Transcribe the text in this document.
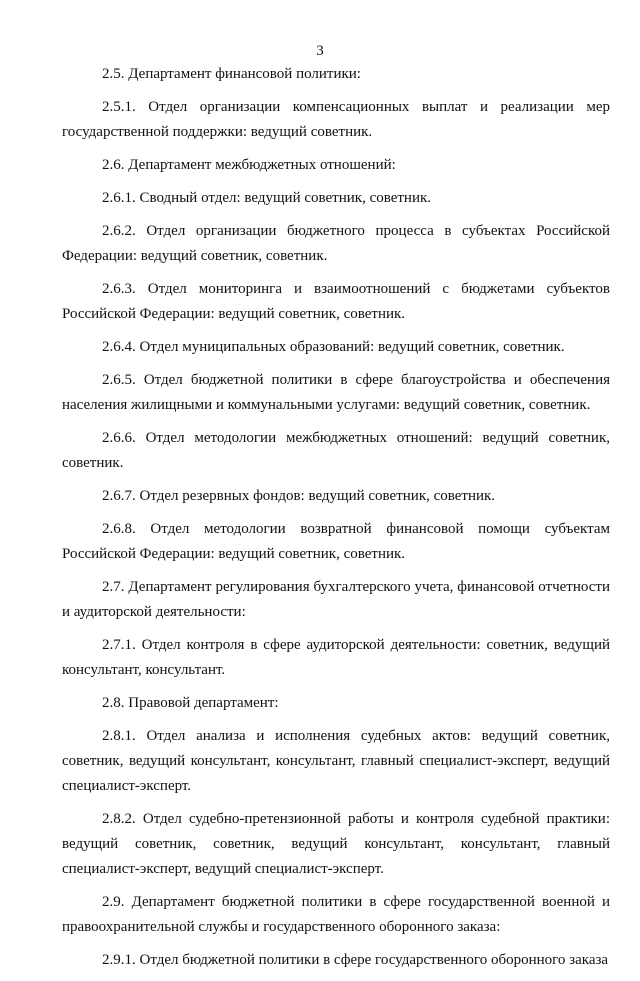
3

2.5. Департамент финансовой политики:

2.5.1. Отдел организации компенсационных выплат и реализации мер государственной поддержки: ведущий советник.

2.6. Департамент межбюджетных отношений:

2.6.1. Сводный отдел: ведущий советник, советник.

2.6.2. Отдел организации бюджетного процесса в субъектах Российской Федерации: ведущий советник, советник.

2.6.3. Отдел мониторинга и взаимоотношений с бюджетами субъектов Российской Федерации: ведущий советник, советник.

2.6.4. Отдел муниципальных образований: ведущий советник, советник.

2.6.5. Отдел бюджетной политики в сфере благоустройства и обеспечения населения жилищными и коммунальными услугами: ведущий советник, советник.

2.6.6. Отдел методологии межбюджетных отношений: ведущий советник, советник.

2.6.7. Отдел резервных фондов: ведущий советник, советник.

2.6.8. Отдел методологии возвратной финансовой помощи субъектам Российской Федерации: ведущий советник, советник.

2.7. Департамент регулирования бухгалтерского учета, финансовой отчетности и аудиторской деятельности:

2.7.1. Отдел контроля в сфере аудиторской деятельности: советник, ведущий консультант, консультант.

2.8. Правовой департамент:

2.8.1. Отдел анализа и исполнения судебных актов: ведущий советник, советник, ведущий консультант, консультант, главный специалист-эксперт, ведущий специалист-эксперт.

2.8.2. Отдел судебно-претензионной работы и контроля судебной практики: ведущий советник, советник, ведущий консультант, консультант, главный специалист-эксперт, ведущий специалист-эксперт.

2.9. Департамент бюджетной политики в сфере государственной военной и правоохранительной службы и государственного оборонного заказа:

2.9.1. Отдел бюджетной политики в сфере государственного оборонного заказа
